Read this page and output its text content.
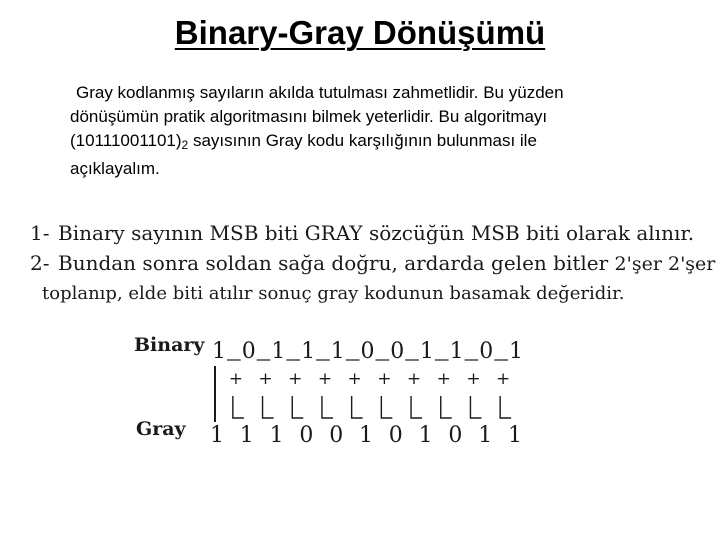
Binary-Gray Dönüşümü
Gray kodlanmış sayıların akılda tutulması zahmetlidir. Bu yüzden
dönüşümün pratik algoritmasını bilmek yeterlidir. Bu algoritmayı
$(10111001101)_2$ sayısının Gray kodu karşılığının bulunması ile
açıklayalım.
1- Binary sayının MSB biti GRAY sözcüğün MSB biti olarak alınır.
2- Bundan sonra soldan sağa doğru, ardarda gelen bitler 2'şer 2'şer
toplanıp, elde biti atılır sonuç gray kodunun basamak değeridir.
Binary
Gray
1 0
+
1
+
1
+
1
+
0
+
0
+
1
+
1
+
0
+
1
+
1 1 1 0 0 1 0 1 0 1 1
